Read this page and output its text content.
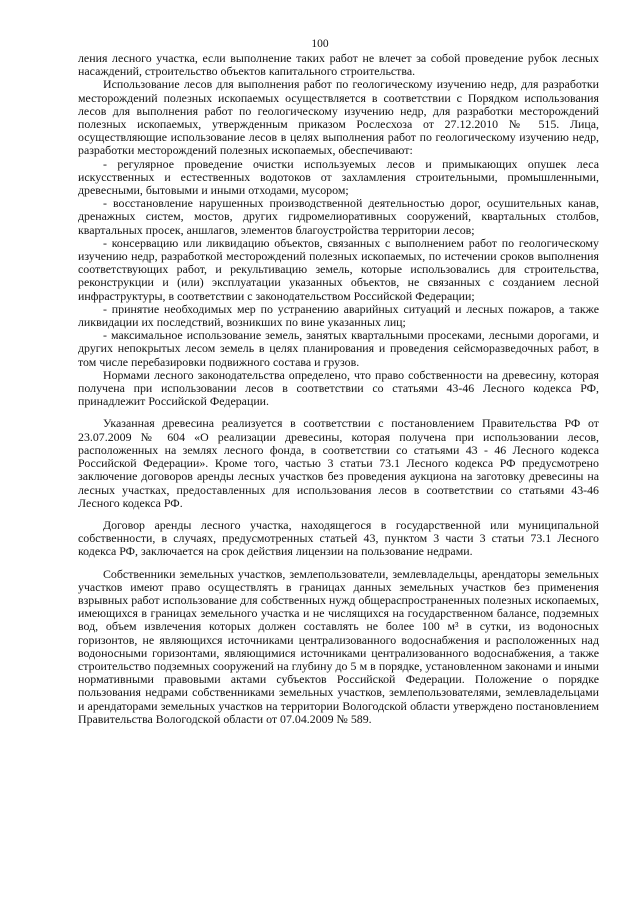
100

ления лесного участка, если выполнение таких работ не влечет за собой проведение рубок лесных насаждений, строительство объектов капитального строительства.

Использование лесов для выполнения работ по геологическому изучению недр, для разработки месторождений полезных ископаемых осуществляется в соответствии с Порядком использования лесов для выполнения работ по геологическому изучению недр, для разработки месторождений полезных ископаемых, утвержденным приказом Рослесхоза от 27.12.2010 № 515. Лица, осуществляющие использование лесов в целях выполнения работ по геологическому изучению недр, разработки месторождений полезных ископаемых, обеспечивают:

- регулярное проведение очистки используемых лесов и примыкающих опушек леса искусственных и естественных водотоков от захламления строительными, промышленными, древесными, бытовыми и иными отходами, мусором;

- восстановление нарушенных производственной деятельностью дорог, осушительных канав, дренажных систем, мостов, других гидромелиоративных сооружений, квартальных столбов, квартальных просек, аншлагов, элементов благоустройства территории лесов;

- консервацию или ликвидацию объектов, связанных с выполнением работ по геологическому изучению недр, разработкой месторождений полезных ископаемых, по истечении сроков выполнения соответствующих работ, и рекультивацию земель, которые использовались для строительства, реконструкции и (или) эксплуатации указанных объектов, не связанных с созданием лесной инфраструктуры, в соответствии с законодательством Российской Федерации;

- принятие необходимых мер по устранению аварийных ситуаций и лесных пожаров, а также ликвидации их последствий, возникших по вине указанных лиц;

- максимальное использование земель, занятых квартальными просеками, лесными дорогами, и других непокрытых лесом земель в целях планирования и проведения сейсморазведочных работ, в том числе перебазировки подвижного состава и грузов.

Нормами лесного законодательства определено, что право собственности на древесину, которая получена при использовании лесов в соответствии со статьями 43-46 Лесного кодекса РФ, принадлежит Российской Федерации.

Указанная древесина реализуется в соответствии с постановлением Правительства РФ от 23.07.2009 № 604 «О реализации древесины, которая получена при использовании лесов, расположенных на землях лесного фонда, в соответствии со статьями 43 - 46 Лесного кодекса Российской Федерации». Кроме того, частью 3 статьи 73.1 Лесного кодекса РФ предусмотрено заключение договоров аренды лесных участков без проведения аукциона на заготовку древесины на лесных участках, предоставленных для использования лесов в соответствии со статьями 43-46 Лесного кодекса РФ.

Договор аренды лесного участка, находящегося в государственной или муниципальной собственности, в случаях, предусмотренных статьей 43, пунктом 3 части 3 статьи 73.1 Лесного кодекса РФ, заключается на срок действия лицензии на пользование недрами.

Собственники земельных участков, землепользователи, землевладельцы, арендаторы земельных участков имеют право осуществлять в границах данных земельных участков без применения взрывных работ использование для собственных нужд общераспространенных полезных ископаемых, имеющихся в границах земельного участка и не числящихся на государственном балансе, подземных вод, объем извлечения которых должен составлять не более 100 м³ в сутки, из водоносных горизонтов, не являющихся источниками централизованного водоснабжения и расположенных над водоносными горизонтами, являющимися источниками централизованного водоснабжения, а также строительство подземных сооружений на глубину до 5 м в порядке, установленном законами и иными нормативными правовыми актами субъектов Российской Федерации. Положение о порядке пользования недрами собственниками земельных участков, землепользователями, землевладельцами и арендаторами земельных участков на территории Вологодской области утверждено постановлением Правительства Вологодской области от 07.04.2009 № 589.
